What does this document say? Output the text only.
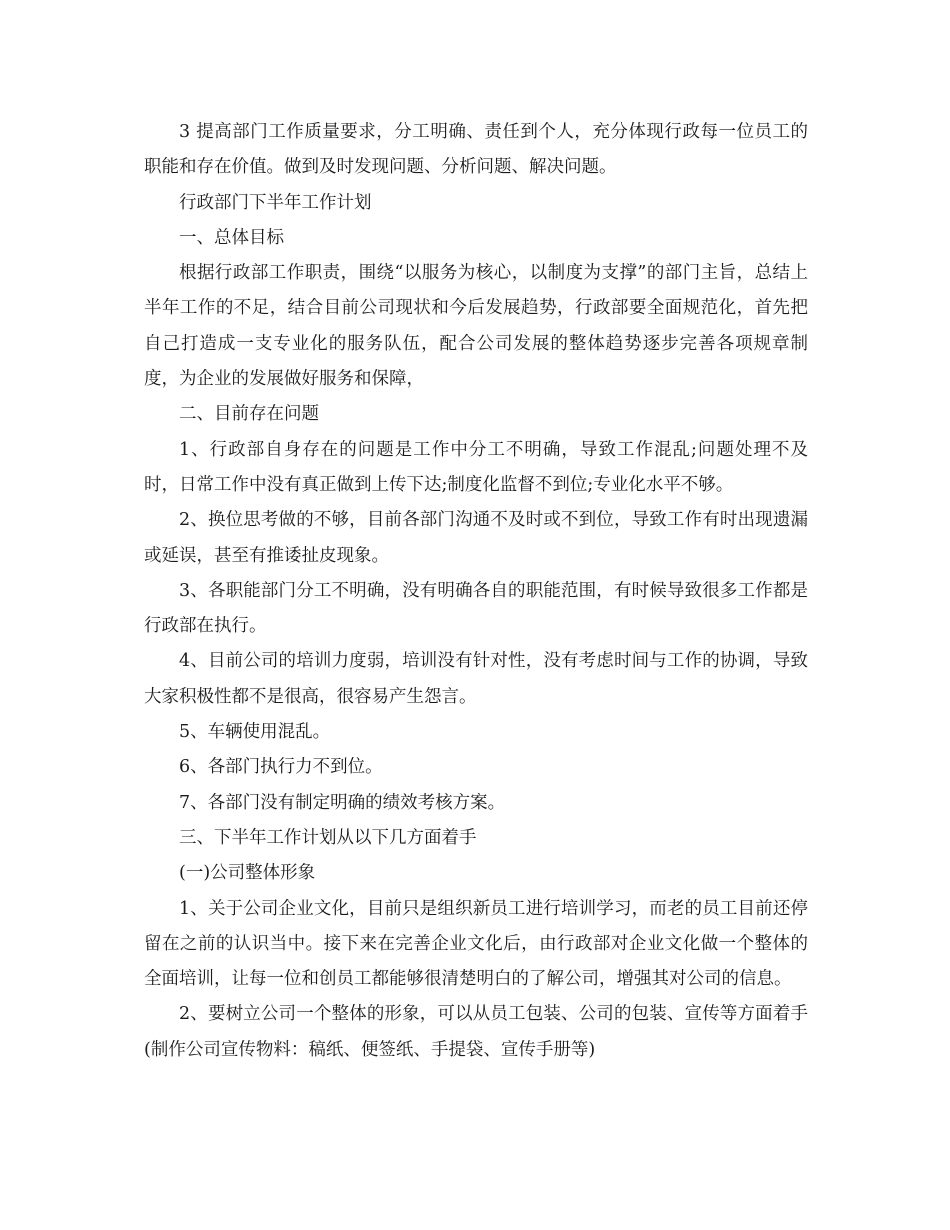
3 提高部门工作质量要求，分工明确、责任到个人，充分体现行政每一位员工的职能和存在价值。做到及时发现问题、分析问题、解决问题。

行政部门下半年工作计划

一、总体目标

根据行政部工作职责，围绕“以服务为核心，以制度为支撑”的部门主旨，总结上半年工作的不足，结合目前公司现状和今后发展趋势，行政部要全面规范化，首先把自己打造成一支专业化的服务队伍，配合公司发展的整体趋势逐步完善各项规章制度，为企业的发展做好服务和保障，

二、目前存在问题

1、行政部自身存在的问题是工作中分工不明确，导致工作混乱;问题处理不及时，日常工作中没有真正做到上传下达;制度化监督不到位;专业化水平不够。

2、换位思考做的不够，目前各部门沟通不及时或不到位，导致工作有时出现遗漏或延误，甚至有推诿扯皮现象。

3、各职能部门分工不明确，没有明确各自的职能范围，有时候导致很多工作都是行政部在执行。

4、目前公司的培训力度弱，培训没有针对性，没有考虑时间与工作的协调，导致大家积极性都不是很高，很容易产生怨言。

5、车辆使用混乱。

6、各部门执行力不到位。

7、各部门没有制定明确的绩效考核方案。

三、下半年工作计划从以下几方面着手

(一)公司整体形象

1、关于公司企业文化，目前只是组织新员工进行培训学习，而老的员工目前还停留在之前的认识当中。接下来在完善企业文化后，由行政部对企业文化做一个整体的全面培训，让每一位和创员工都能够很清楚明白的了解公司，增强其对公司的信息。

2、要树立公司一个整体的形象，可以从员工包装、公司的包装、宣传等方面着手(制作公司宣传物料：稿纸、便签纸、手提袋、宣传手册等)
